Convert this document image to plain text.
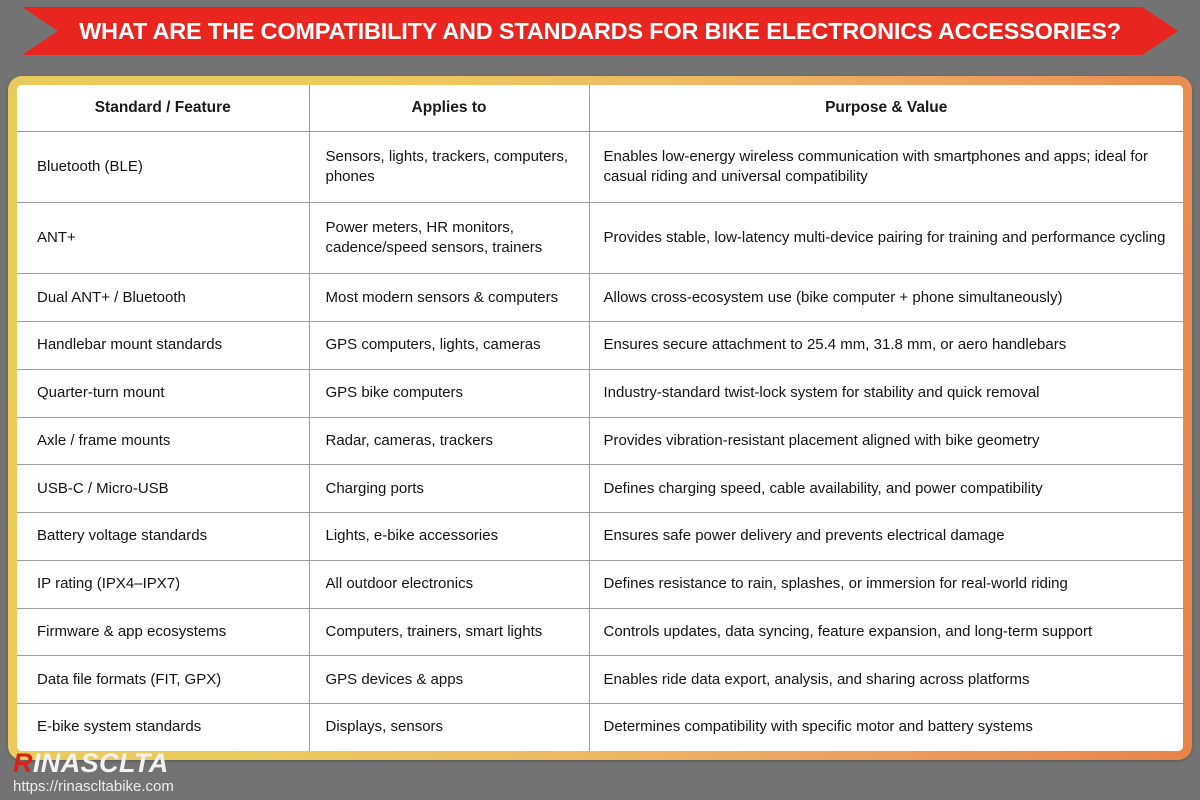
WHAT ARE THE COMPATIBILITY AND STANDARDS FOR BIKE ELECTRONICS ACCESSORIES?
Standard / Feature	Applies to	Purpose & Value
Bluetooth (BLE)	Sensors, lights, trackers, computers, phones	Enables low-energy wireless communication with smartphones and apps; ideal for casual riding and universal compatibility
ANT+	Power meters, HR monitors, cadence/speed sensors, trainers	Provides stable, low-latency multi-device pairing for training and performance cycling
Dual ANT+ / Bluetooth	Most modern sensors & computers	Allows cross-ecosystem use (bike computer + phone simultaneously)
Handlebar mount standards	GPS computers, lights, cameras	Ensures secure attachment to 25.4 mm, 31.8 mm, or aero handlebars
Quarter-turn mount	GPS bike computers	Industry-standard twist-lock system for stability and quick removal
Axle / frame mounts	Radar, cameras, trackers	Provides vibration-resistant placement aligned with bike geometry
USB-C / Micro-USB	Charging ports	Defines charging speed, cable availability, and power compatibility
Battery voltage standards	Lights, e-bike accessories	Ensures safe power delivery and prevents electrical damage
IP rating (IPX4–IPX7)	All outdoor electronics	Defines resistance to rain, splashes, or immersion for real-world riding
Firmware & app ecosystems	Computers, trainers, smart lights	Controls updates, data syncing, feature expansion, and long-term support
Data file formats (FIT, GPX)	GPS devices & apps	Enables ride data export, analysis, and sharing across platforms
E-bike system standards	Displays, sensors	Determines compatibility with specific motor and battery systems
RINASCLTA
https://rinascltabike.com
